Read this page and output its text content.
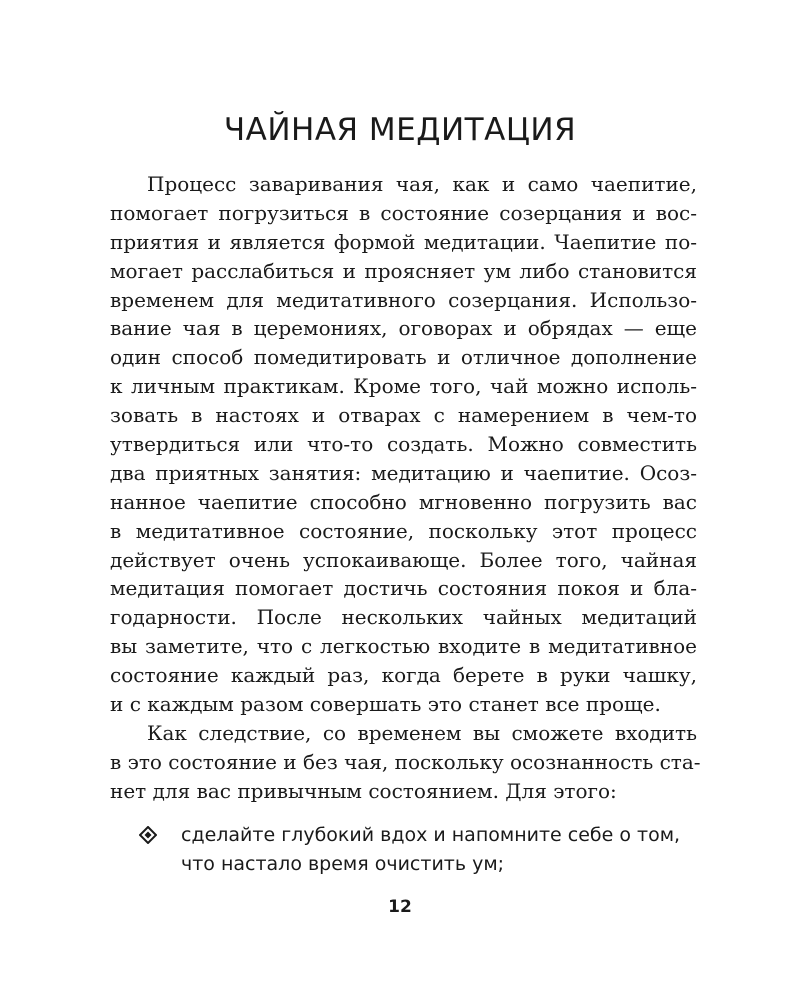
ЧАЙНАЯ МЕДИТАЦИЯ
Процесс заваривания чая, как и само чаепитие,
помогает погрузиться в состояние созерцания и вос-
приятия и является формой медитации. Чаепитие по-
могает расслабиться и проясняет ум либо становится
временем для медитативного созерцания. Использо-
вание чая в церемониях, оговорах и обрядах — еще
один способ помедитировать и отличное дополнение
к личным практикам. Кроме того, чай можно исполь-
зовать в настоях и отварах с намерением в чем-то
утвердиться или что-то создать. Можно совместить
два приятных занятия: медитацию и чаепитие. Осоз-
нанное чаепитие способно мгновенно погрузить вас
в медитативное состояние, поскольку этот процесс
действует очень успокаивающе. Более того, чайная
медитация помогает достичь состояния покоя и бла-
годарности. После нескольких чайных медитаций
вы заметите, что с легкостью входите в медитативное
состояние каждый раз, когда берете в руки чашку,
и с каждым разом совершать это станет все проще.
Как следствие, со временем вы сможете входить
в это состояние и без чая, поскольку осознанность ста-
нет для вас привычным состоянием. Для этого:
сделайте глубокий вдох и напомните себе о том,
что настало время очистить ум;
12
